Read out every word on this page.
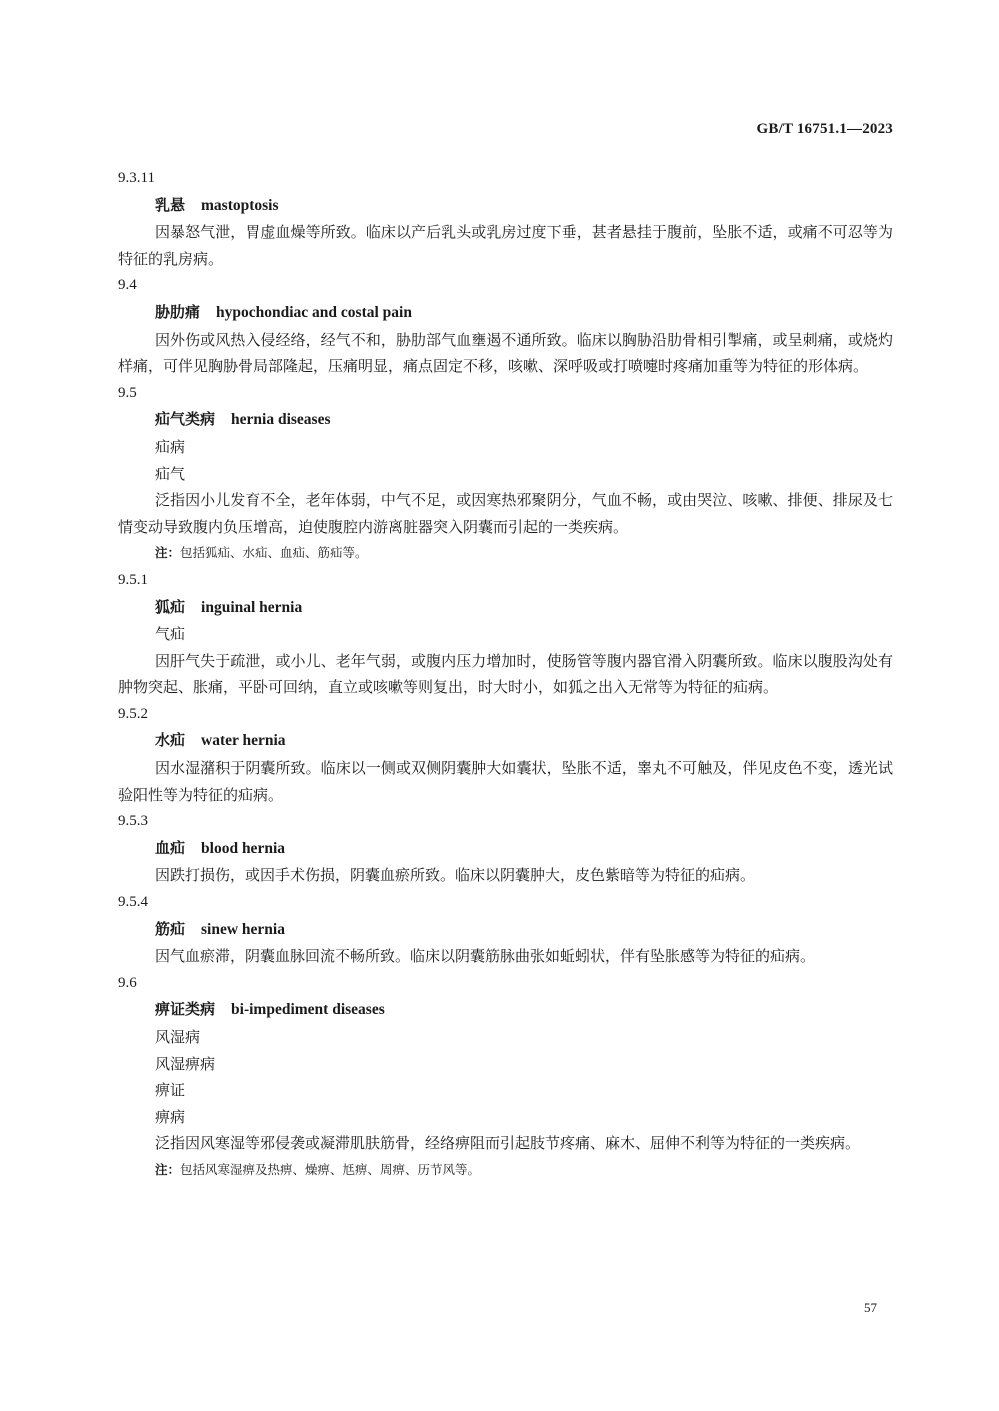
GB/T 16751.1—2023
9.3.11
乳悬 mastoptosis
因暴怒气泄，胃虚血燥等所致。临床以产后乳头或乳房过度下垂，甚者悬挂于腹前，坠胀不适，或痛不可忍等为特征的乳房病。
9.4
胁肋痛 hypochondiac and costal pain
因外伤或风热入侵经络，经气不和，胁肋部气血壅遏不通所致。临床以胸胁沿肋骨相引掣痛，或呈刺痛，或烧灼样痛，可伴见胸胁骨局部隆起，压痛明显，痛点固定不移，咳嗽、深呼吸或打喷嚏时疼痛加重等为特征的形体病。
9.5
疝气类病 hernia diseases
疝病
疝气
泛指因小儿发育不全，老年体弱，中气不足，或因寒热邪聚阴分，气血不畅，或由哭泣、咳嗽、排便、排尿及七情变动导致腹内负压增高，迫使腹腔内游离脏器突入阴囊而引起的一类疾病。
注：包括狐疝、水疝、血疝、筋疝等。
9.5.1
狐疝 inguinal hernia
气疝
因肝气失于疏泄，或小儿、老年气弱，或腹内压力增加时，使肠管等腹内器官滑入阴囊所致。临床以腹股沟处有肿物突起、胀痛，平卧可回纳，直立或咳嗽等则复出，时大时小，如狐之出入无常等为特征的疝病。
9.5.2
水疝 water hernia
因水湿潴积于阴囊所致。临床以一侧或双侧阴囊肿大如囊状，坠胀不适，睾丸不可触及，伴见皮色不变，透光试验阳性等为特征的疝病。
9.5.3
血疝 blood hernia
因跌打损伤，或因手术伤损，阴囊血瘀所致。临床以阴囊肿大，皮色紫暗等为特征的疝病。
9.5.4
筋疝 sinew hernia
因气血瘀滞，阴囊血脉回流不畅所致。临床以阴囊筋脉曲张如蚯蚓状，伴有坠胀感等为特征的疝病。
9.6
痹证类病 bi-impediment diseases
风湿病
风湿痹病
痹证
痹病
泛指因风寒湿等邪侵袭或凝滞肌肤筋骨，经络痹阻而引起肢节疼痛、麻木、屈伸不利等为特征的一类疾病。
注：包括风寒湿痹及热痹、燥痹、尪痹、周痹、历节风等。
57
